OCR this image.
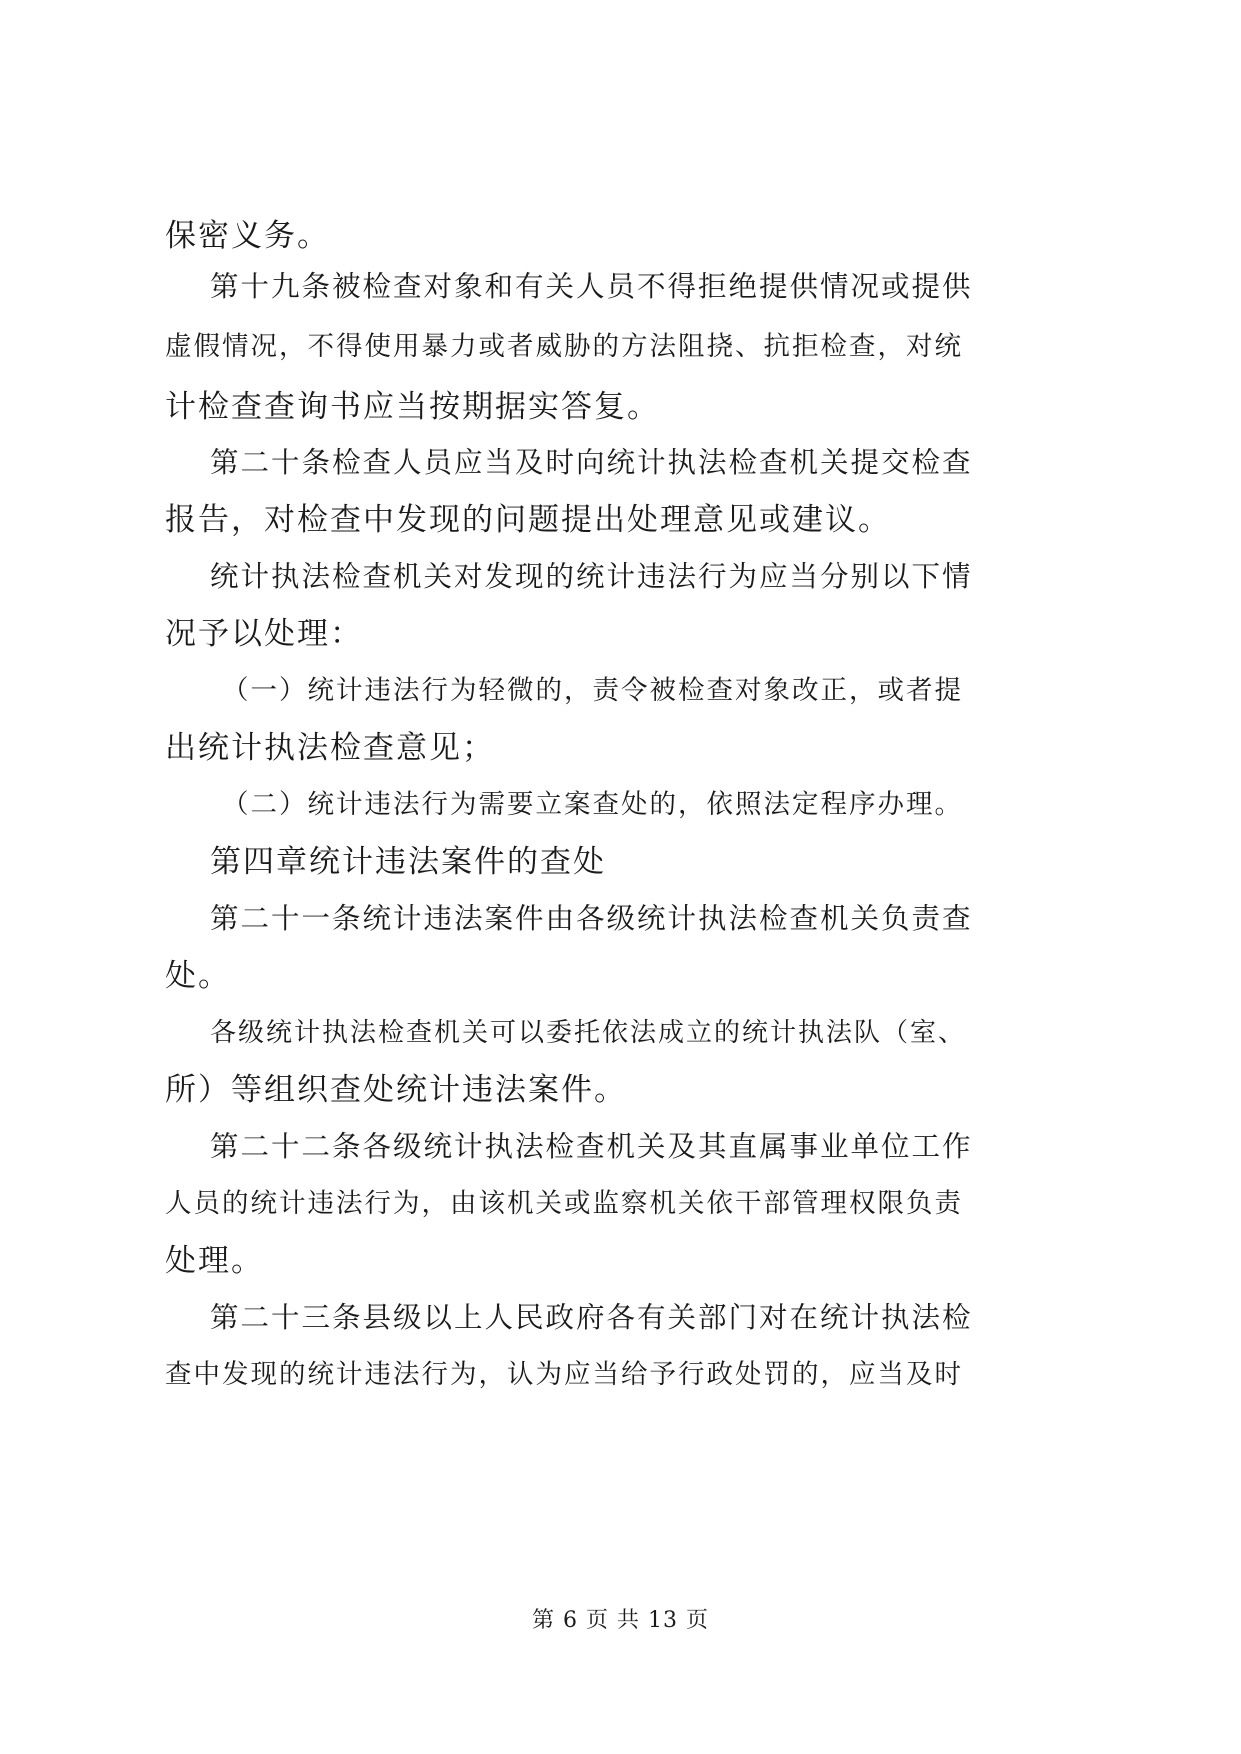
保密义务。
第十九条被检查对象和有关人员不得拒绝提供情况或提供
虚假情况，不得使用暴力或者威胁的方法阻挠、抗拒检查，对统
计检查查询书应当按期据实答复。
第二十条检查人员应当及时向统计执法检查机关提交检查
报告，对检查中发现的问题提出处理意见或建议。
统计执法检查机关对发现的统计违法行为应当分别以下情
况予以处理：
（一）统计违法行为轻微的，责令被检查对象改正，或者提
出统计执法检查意见；
（二）统计违法行为需要立案查处的，依照法定程序办理。
第四章统计违法案件的查处
第二十一条统计违法案件由各级统计执法检查机关负责查
处。
各级统计执法检查机关可以委托依法成立的统计执法队（室、
所）等组织查处统计违法案件。
第二十二条各级统计执法检查机关及其直属事业单位工作
人员的统计违法行为，由该机关或监察机关依干部管理权限负责
处理。
第二十三条县级以上人民政府各有关部门对在统计执法检
查中发现的统计违法行为，认为应当给予行政处罚的，应当及时
第 6 页 共 13 页
